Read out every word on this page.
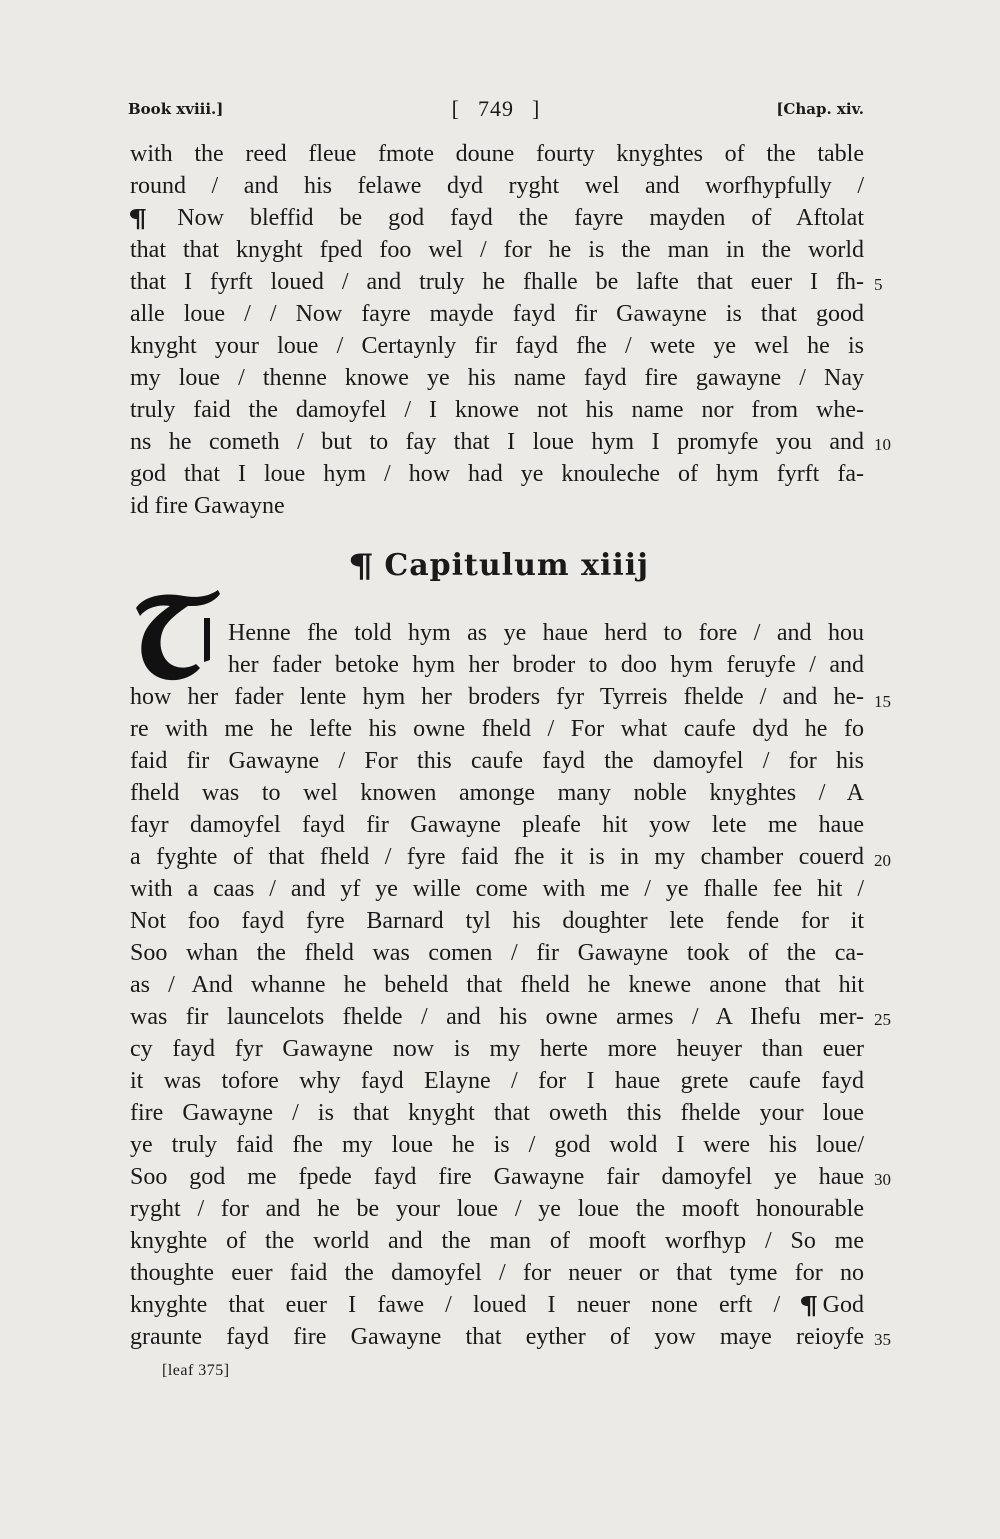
Book xviii.]	[ 749 ]	[Chap. xiv.
with the reed fleue fmote doune fourty knyghtes of the table
round / and his felawe dyd ryght wel and worfhypfully /
¶ Now bleffid be god fayd the fayre mayden of Aftolat
that that knyght fped foo wel / for he is the man in the world
that I fyrft loued / and truly he fhalle be lafte that euer I fh- 5
alle loue / / Now fayre mayde fayd fir Gawayne is that good
knyght your loue / Certaynly fir fayd fhe / wete ye wel he is
my loue / thenne knowe ye his name fayd fire gawayne / Nay
truly faid the damoyfel / I knowe not his name nor from whe-
ns he cometh / but to fay that I loue hym I promyfe you and 10
god that I loue hym / how had ye knouleche of hym fyrft fa-
id fire Gawayne
¶ Capitulum xiiij
Henne fhe told hym as ye haue herd to fore / and hou
her fader betoke hym her broder to doo hym feruyfe / and
how her fader lente hym her broders fyr Tyrreis fhelde / and he- 15
re with me he lefte his owne fheld / For what caufe dyd he fo
faid fir Gawayne / For this caufe fayd the damoyfel / for his
fheld was to wel knowen amonge many noble knyghtes / A
fayr damoyfel fayd fir Gawayne pleafe hit yow lete me haue
a fyghte of that fheld / fyre faid fhe it is in my chamber couerd 20
with a caas / and yf ye wille come with me / ye fhalle fee hit /
Not foo fayd fyre Barnard tyl his doughter lete fende for it
Soo whan the fheld was comen / fir Gawayne took of the ca-
as / And whanne he beheld that fheld he knewe anone that hit
was fir launcelots fhelde / and his owne armes / A Ihefu mer- 25
cy fayd fyr Gawayne now is my herte more heuyer than euer
it was tofore why fayd Elayne / for I haue grete caufe fayd
fire Gawayne / is that knyght that oweth this fhelde your loue
ye truly faid fhe my loue he is / god wold I were his loue/
Soo god me fpede fayd fire Gawayne fair damoyfel ye haue 30
ryght / for and he be your loue / ye loue the mooft honourable
knyghte of the world and the man of mooft worfhyp / So me
thoughte euer faid the damoyfel / for neuer or that tyme for no
knyghte that euer I fawe / loued I neuer none erft / ¶ God
graunte fayd fire Gawayne that eyther of yow maye reioyfe 35
[leaf 375]
